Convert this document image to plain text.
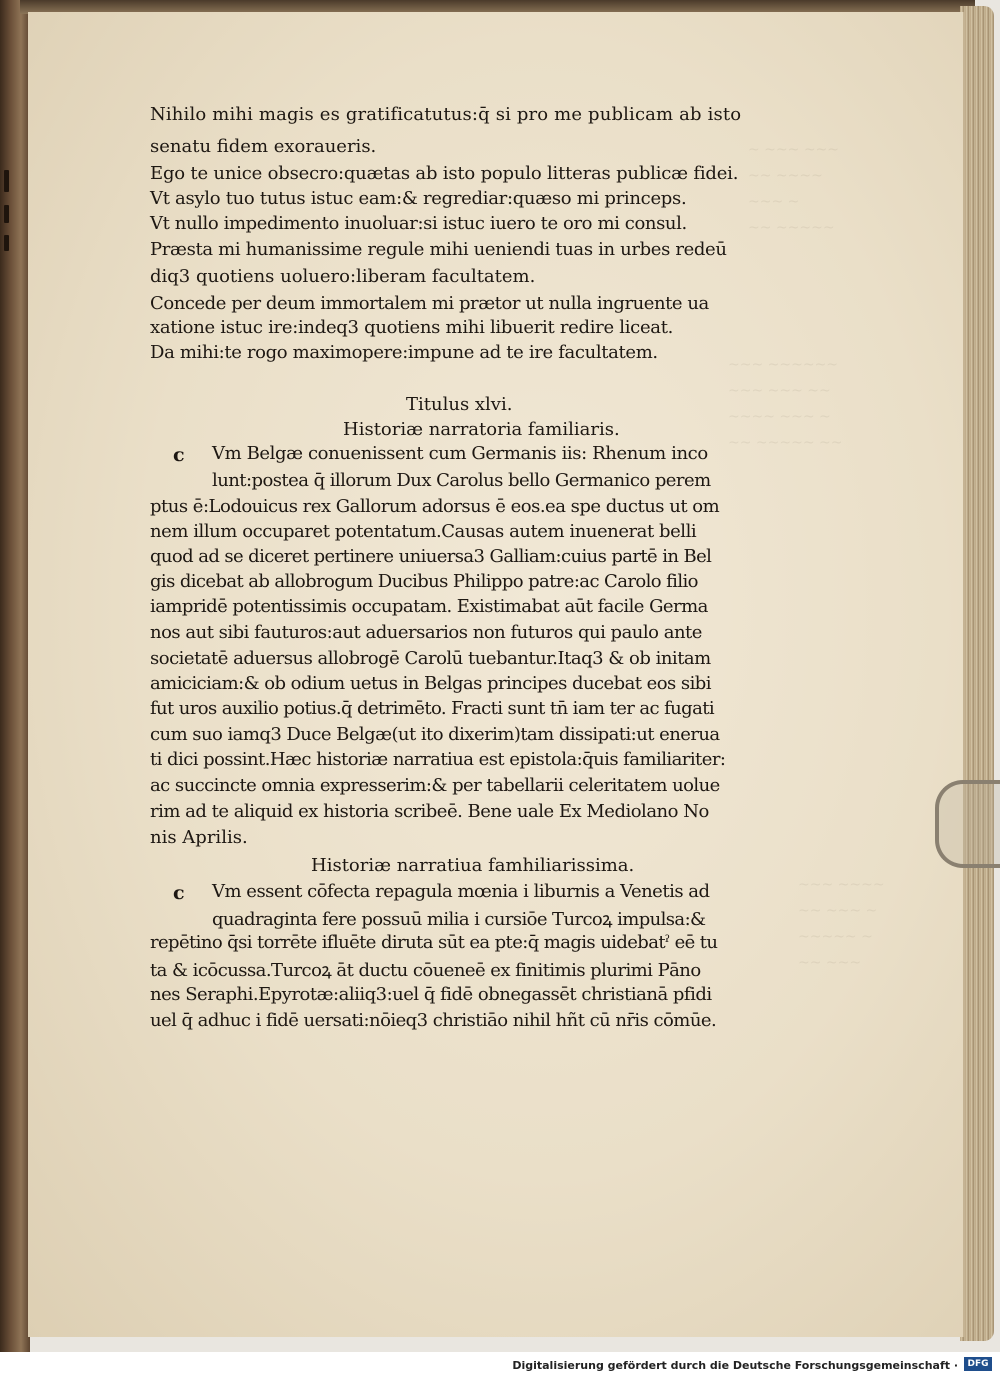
~ ~~~ ~~~
~~ ~~~~
~~~ ~
~~ ~~~~~
~~~ ~~~~~~
~~~ ~~~ ~~
~~~~ ~~~ ~
~~ ~~~~~ ~~
~~~ ~~~~
~~ ~~~ ~
~~~~~ ~
~~ ~~~
Nihilo mihi magis es gratificatutus:q̄ si pro me publicam ab isto
senatu fidem exoraueris.
Ego te unice obsecro:quætas ab isto populo litteras publicæ fidei.
Vt asylo tuo tutus istuc eam:& regrediar:quæso mi princeps.
Vt nullo impedimento inuoluar:si istuc iuero te oro mi consul.
Præsta mi humanissime regule mihi ueniendi tuas in urbes redeū
diq3 quotiens uoluero:liberam facultatem.
Concede per deum immortalem mi prætor ut nulla ingruente ua
xatione istuc ire:indeq3 quotiens mihi libuerit redire liceat.
Da mihi:te rogo maximopere:impune ad te ire facultatem.
Titulus xlvi.
Historiæ narratoria familiaris.
c Vm Belgæ conuenissent cum Germanis iis: Rhenum inco
lunt:postea q̄ illorum Dux Carolus bello Germanico perem
ptus ē:Lodouicus rex Gallorum adorsus ē eos.ea spe ductus ut om
nem illum occuparet potentatum.Causas autem inuenerat belli
quod ad se diceret pertinere uniuersa3 Galliam:cuius partē in Bel
gis dicebat ab allobrogum Ducibus Philippo patre:ac Carolo filio
iampridē potentissimis occupatam. Existimabat aūt facile Germa
nos aut sibi fauturos:aut aduersarios non futuros qui paulo ante
societatē aduersus allobrogē Carolū tuebantur.Itaq3 & ob initam
amiciciam:& ob odium uetus in Belgas principes ducebat eos sibi
fut uros auxilio potius.q̄ detrimēto. Fracti sunt tn̄ iam ter ac fugati
cum suo iamq3 Duce Belgæ(ut ito dixerim)tam dissipati:ut enerua
ti dici possint.Hæc historiæ narratiua est epistola:q̄uis familiariter:
ac succincte omnia expresserim:& per tabellarii celeritatem uolue
rim ad te aliquid ex historia scribeē. Bene uale Ex Mediolano No
nis Aprilis.
Historiæ narratiua famhiliarissima.
c Vm essent cōfecta repagula mœnia i liburnis a Venetis ad
quadraginta fere possuū milia i cursiōe Turcoꝝ impulsa:&
repētino q̄si torrēte ifluēte diruta sūt ea pte:q̄ magis uidebatˀ eē tu
ta & icōcussa.Turcoꝝ āt ductu cōueneē ex finitimis plurimi Pāno
nes Seraphi.Epyrotæ:aliiq3:uel q̄ fidē obnegassēt christianā pfidi
uel q̄ adhuc i fidē uersati:nōieq3 christiāo nihil hñt cū nr̄is cōmūe.
Digitalisierung gefördert durch die Deutsche Forschungsgemeinschaft ·	DFG
